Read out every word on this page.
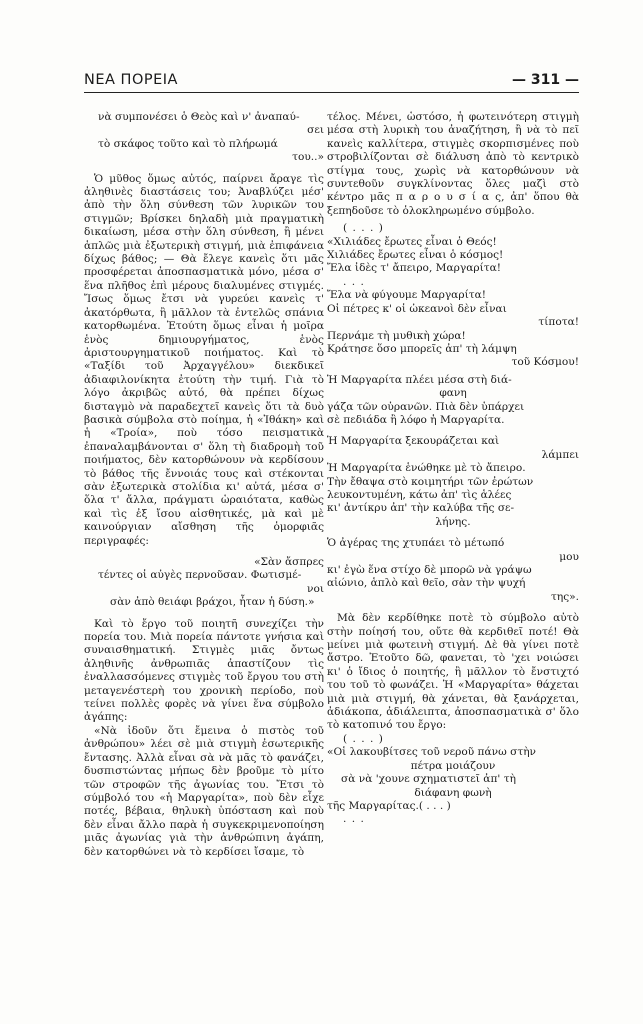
ΝΕΑ ΠΟΡΕΙΑ	— 311 —
νὰ συμπονέσει ὁ Θεὸς καὶ ν' ἀναπαύ-
σει
τὸ σκάφος τοῦτο καὶ τὸ πλήρωμά
του..»

Ὁ μῦθος ὅμως αὐτός, παίρνει ἄραγε τὶς ἀληθινὲς διαστάσεις του; Ἀναβλύζει μέσ' ἀπὸ τὴν ὅλη σύνθεση τῶν λυρικῶν του στιγμῶν; Βρίσκει δηλαδὴ μιὰ πραγματικὴ δικαίωση, μέσα στὴν ὅλη σύνθεση, ἢ μένει ἁπλῶς μιὰ ἐξωτερικὴ στιγμή, μιὰ ἐπιφάνεια δίχως βάθος; — Θὰ ἔλεγε κανεὶς ὅτι μᾶς προσφέρεται ἀποσπασματικὰ μόνο, μέσα σ' ἕνα πλῆθος ἐπὶ μέρους διαλυμένες στιγμές. Ἴσως ὅμως ἔτσι νὰ γυρεύει κανεὶς τ' ἀκατόρθωτα, ἢ μᾶλλον τὰ ἐντελῶς σπάνια κατορθωμένα. Ἐτούτη ὅμως εἶναι ἡ μοῖρα ἑνὸς δημιουργήματος, ἑνὸς ἀριστουργηματικοῦ ποιήματος. Καὶ τὸ «Ταξίδι τοῦ Ἀρχαγγέλου» διεκδικεῖ ἀδιαφιλονίκητα ἐτούτη τὴν τιμή. Γιὰ τὸ λόγο ἀκριβῶς αὐτό, θὰ πρέπει δίχως δισταγμὸ νὰ παραδεχτεῖ κανεὶς ὅτι τὰ δυὸ βασικὰ σύμβολα στὸ ποίημα, ἡ «Ἰθάκη» καὶ ἡ «Τροία», ποὺ τόσο πεισματικὰ ἐπαναλαμβάνονται σ' ὅλη τὴ διαδρομὴ τοῦ ποιήματος, δὲν κατορθώνουν νὰ κερδίσουν τὸ βάθος τῆς ἔννοιάς τους καὶ στέκονται σὰν ἐξωτερικὰ στολίδια κι' αὐτά, μέσα σ' ὅλα τ' ἄλλα, πράγματι ὡραιότατα, καθὼς καὶ τὶς ἐξ ἴσου αἰσθητικές, μὰ καὶ μὲ καινούργιαν αἴσθηση τῆς ὁμορφιᾶς περιγραφές:

«Σὰν ἄσπρες
τέντες οἱ αὐγὲς περνοῦσαν. Φωτισμέ-
νοι
σὰν ἀπὸ θειάφι βράχοι, ἦταν ἡ δύση.»

Καὶ τὸ ἔργο τοῦ ποιητῆ συνεχίζει τὴν πορεία του. Μιὰ πορεία πάντοτε γνήσια καὶ συναισθηματική. Στιγμὲς μιᾶς ὄντως ἀληθινῆς ἀνθρωπιᾶς ἀπαστίζουν τὶς ἐναλλασσόμενες στιγμὲς τοῦ ἔργου του στὴ μεταγενέστερὴ του χρονικὴ περίοδο, ποὺ τείνει πολλὲς φορὲς νὰ γίνει ἕνα σύμβολο ἀγάπης:

«Νὰ ἰδοῦν ὅτι ἔμεινα ὁ πιστὸς τοῦ ἀνθρώπου» λέει σὲ μιὰ στιγμὴ ἐσωτερικῆς ἔντασης. Ἀλλὰ εἶναι σὰ νὰ μᾶς τὸ φανάζει, δυσπιστώντας μήπως δὲν βροῦμε τὸ μίτο τῶν στροφῶν τῆς ἀγωνίας του. Ἔτσι τὸ σύμβολό του «ἡ Μαργαρίτα», ποὺ δὲν εἶχε ποτές, βέβαια, θηλυκὴ ὑπόσταση καὶ ποὺ δὲν εἶναι ἄλλο παρὰ ἡ συγκεκριμενοποίηση μιᾶς ἀγωνίας γιὰ τὴν ἀνθρώπινη ἀγάπη, δὲν κατορθώνει νὰ τὸ κερδίσει ἴσαμε, τὸ

τέλος. Μένει, ὡστόσο, ἡ φωτεινότερη στιγμὴ μέσα στὴ λυρικὴ του ἀναζήτηση, ἢ νὰ τὸ πεῖ κανεὶς καλλίτερα, στιγμὲς σκορπισμένες ποὺ στροβιλίζονται σὲ διάλυση ἀπὸ τὸ κεντρικὸ στίγμα τους, χωρὶς νὰ κατορθώνουν νὰ συντεθοῦν συγκλίνοντας ὅλες μαζὶ στὸ κέντρο μᾶς π α ρ ο υ σ ί α ς, ἀπ' ὅπου θὰ ξεπηδοῦσε τὸ ὁλοκληρωμένο σύμβολο.

( . . . )
«Χιλιάδες ἔρωτες εἶναι ὁ Θεός!
Χιλιάδες ἔρωτες εἶναι ὁ κόσμος!
Ἔλα ἰδὲς τ' ἄπειρο, Μαργαρίτα!
. . .
Ἔλα νὰ φύγουμε Μαργαρίτα!
Οἱ πέτρες κ' οἱ ὠκεανοὶ δὲν εἶναι
τίποτα!
Περνάμε τὴ μυθικὴ χώρα!
Κράτησε ὅσο μπορεῖς ἀπ' τὴ λάμψη
τοῦ Κόσμου!
Ἡ Μαργαρίτα πλέει μέσα στὴ διά-
φανη
γάζα τῶν οὐρανῶν. Πιὰ δὲν ὑπάρχει
σὲ πεδιάδα ἢ λόφο ἡ Μαργαρίτα.
Ἡ Μαργαρίτα ξεκουράζεται καὶ
λάμπει
Ἡ Μαργαρίτα ἑνώθηκε μὲ τὸ ἄπειρο.
Τὴν ἔθαψα στὸ κοιμητήρι τῶν ἐρώτων
λευκοντυμένη, κάτω ἀπ' τὶς ἁλέες
κι' ἀντίκρυ ἀπ' τὴν καλύβα τῆς σε-
λήνης.
Ὁ ἀγέρας της χτυπάει τὸ μέτωπό
μου
κι' ἐγὼ ἕνα στίχο δὲ μπορῶ νὰ γράψω
αἰώνιο, ἁπλὸ καὶ θεῖο, σὰν τὴν ψυχή
της».

Μὰ δὲν κερδίθηκε ποτὲ τὸ σύμβολο αὐτὸ στὴν ποίησή του, οὔτε θὰ κερδιθεῖ ποτέ! Θὰ μείνει μιὰ φωτεινὴ στιγμή. Δὲ θὰ γίνει ποτὲ ἄστρο. Ἐτοῦτο δῶ, φανεται, τὸ 'χει νοιώσει κι' ὁ ἴδιος ὁ ποιητής, ἢ μᾶλλον τὸ ἔνστιχτό του τοῦ τὸ φωνάζει. Ἡ «Μαργαρίτα» θάχεται μιὰ μιὰ στιγμή, θὰ χάνεται, θὰ ξανάρχεται, ἀδιάκοπα, ἀδιάλειπτα, ἀποσπασματικὰ σ' ὅλο τὸ κατοπινό του ἔργο:

( . . . )
«Οἱ λακουβίτσες τοῦ νεροῦ πάνω στὴν
πέτρα μοιάζουν
σὰ νὰ 'χουνε σχηματιστεῖ ἀπ' τὴ
διάφανη φωνὴ
τῆς Μαργαρίτας.( . . . )
. . .
